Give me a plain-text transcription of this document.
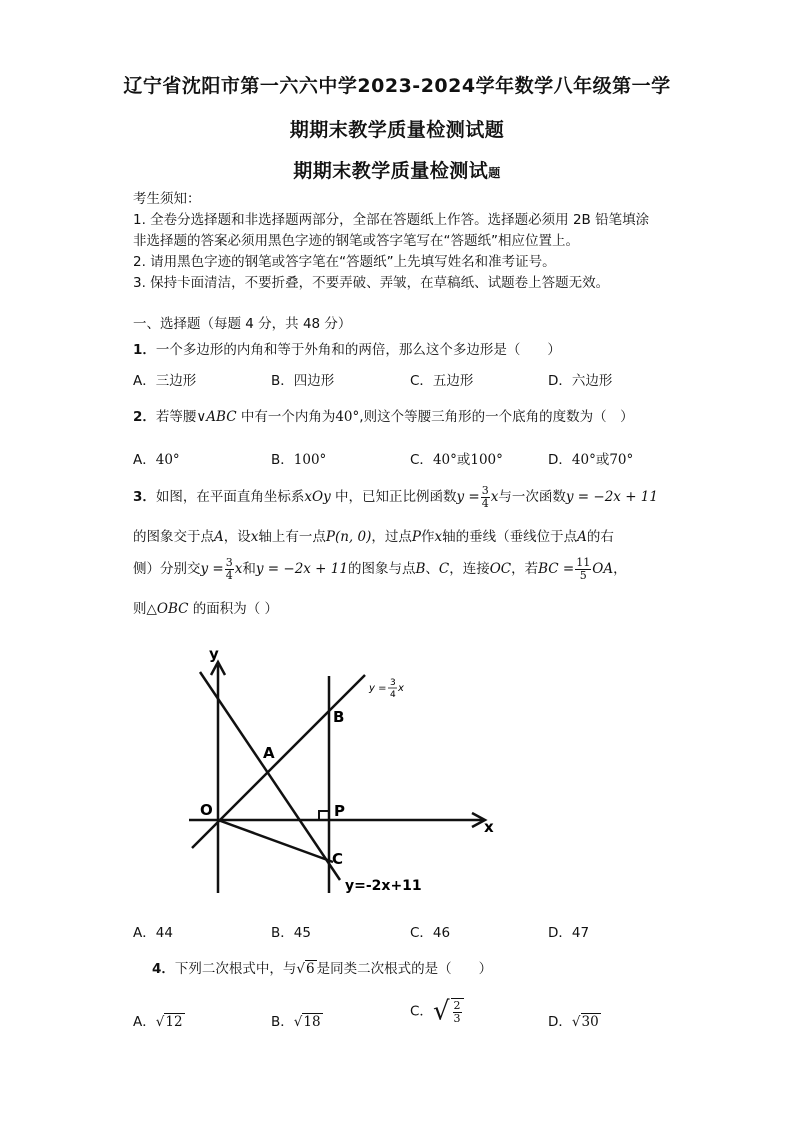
辽宁省沈阳市第一六六中学2023-2024学年数学八年级第一学
期期末教学质量检测试题
期期末教学质量检测试题
考生须知：
1. 全卷分选择题和非选择题两部分，全部在答题纸上作答。选择题必须用 2B 铅笔填涂
非选择题的答案必须用黑色字迹的钢笔或答字笔写在“答题纸”相应位置上。
2. 请用黑色字迹的钢笔或答字笔在“答题纸”上先填写姓名和准考证号。
3. 保持卡面清洁，不要折叠，不要弄破、弄皱，在草稿纸、试题卷上答题无效。
一、选择题（每题 4 分，共 48 分）
1．一个多边形的内角和等于外角和的两倍，那么这个多边形是（　　）
A．三边形	B．四边形	C．五边形	D．六边形
2．若等腰∨ABC 中有一个内角为40°,则这个等腰三角形的一个底角的度数为（　）
A．40°	B．100°	C．40°或100°	D．40°或70°
3．如图，在平面直角坐标系xOy 中，已知正比例函数$y = \frac{3}{4}$ x与一次函数y = −2x + 11
的图象交于点A，设x轴上有一点P(n, 0)，过点P作x轴的垂线（垂线位于点A的右
侧）分别交$y = \frac{3}{4}$ x和y = −2x + 11的图象与点B、C，连接OC，若BC = $\frac{11}{5}$ OA，
则△OBC 的面积为（ ）
y
x
O
A
B
P
C
y=-2x+11
y = 3
4
x
A．44	B．45	C．46	D．47
4．下列二次根式中，与√6 是同类二次根式的是（　　）
A．√12	B．√18
C．√ $\frac{2}{3}$	D．√30
